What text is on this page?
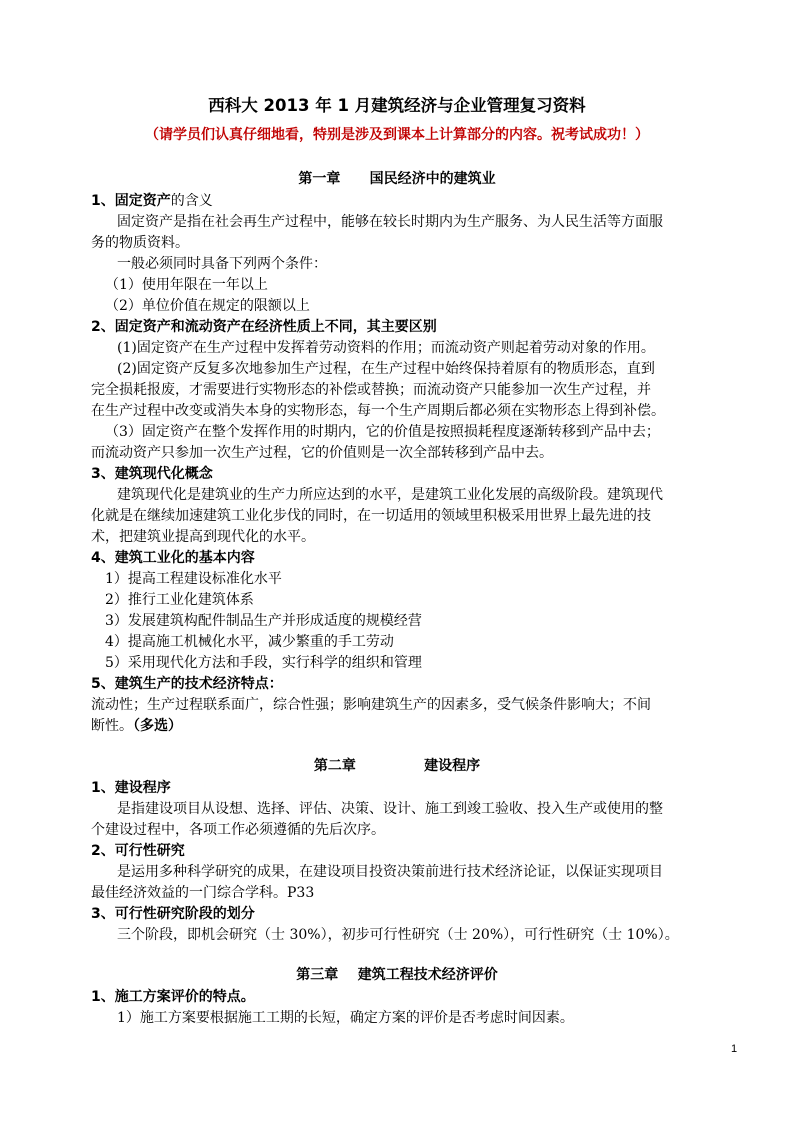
西科大 2013 年 1 月建筑经济与企业管理复习资料
（请学员们认真仔细地看，特别是涉及到课本上计算部分的内容。祝考试成功！）
第一章      国民经济中的建筑业
1、固定资产的含义
固定资产是指在社会再生产过程中，能够在较长时期内为生产服务、为人民生活等方面服
务的物质资料。
一般必须同时具备下列两个条件：
（1）使用年限在一年以上
（2）单位价值在规定的限额以上
2、固定资产和流动资产在经济性质上不同，其主要区别
(1)固定资产在生产过程中发挥着劳动资料的作用；而流动资产则起着劳动对象的作用。
(2)固定资产反复多次地参加生产过程，在生产过程中始终保持着原有的物质形态，直到
完全损耗报废，才需要进行实物形态的补偿或替换；而流动资产只能参加一次生产过程，并
在生产过程中改变或消失本身的实物形态，每一个生产周期后都必须在实物形态上得到补偿。
（3）固定资产在整个发挥作用的时期内，它的价值是按照损耗程度逐渐转移到产品中去；
而流动资产只参加一次生产过程，它的价值则是一次全部转移到产品中去。
3、建筑现代化概念
建筑现代化是建筑业的生产力所应达到的水平，是建筑工业化发展的高级阶段。建筑现代
化就是在继续加速建筑工业化步伐的同时，在一切适用的领域里积极采用世界上最先进的技
术，把建筑业提高到现代化的水平。
4、建筑工业化的基本内容
1）提高工程建设标准化水平
2）推行工业化建筑体系
3）发展建筑构配件制品生产并形成适度的规模经营
4）提高施工机械化水平，减少繁重的手工劳动
5）采用现代化方法和手段，实行科学的组织和管理
5、建筑生产的技术经济特点：
流动性；生产过程联系面广，综合性强；影响建筑生产的因素多，受气候条件影响大；不间
断性。（多选）
第二章              建设程序
1、建设程序
是指建设项目从设想、选择、评估、决策、设计、施工到竣工验收、投入生产或使用的整
个建设过程中，各项工作必须遵循的先后次序。
2、可行性研究
是运用多种科学研究的成果，在建设项目投资决策前进行技术经济论证，以保证实现项目
最佳经济效益的一门综合学科。P33
3、可行性研究阶段的划分
三个阶段，即机会研究（士 30%），初步可行性研究（士 20%），可行性研究（士 10%）。
第三章    建筑工程技术经济评价
1、施工方案评价的特点。
1）施工方案要根据施工工期的长短，确定方案的评价是否考虑时间因素。
1
